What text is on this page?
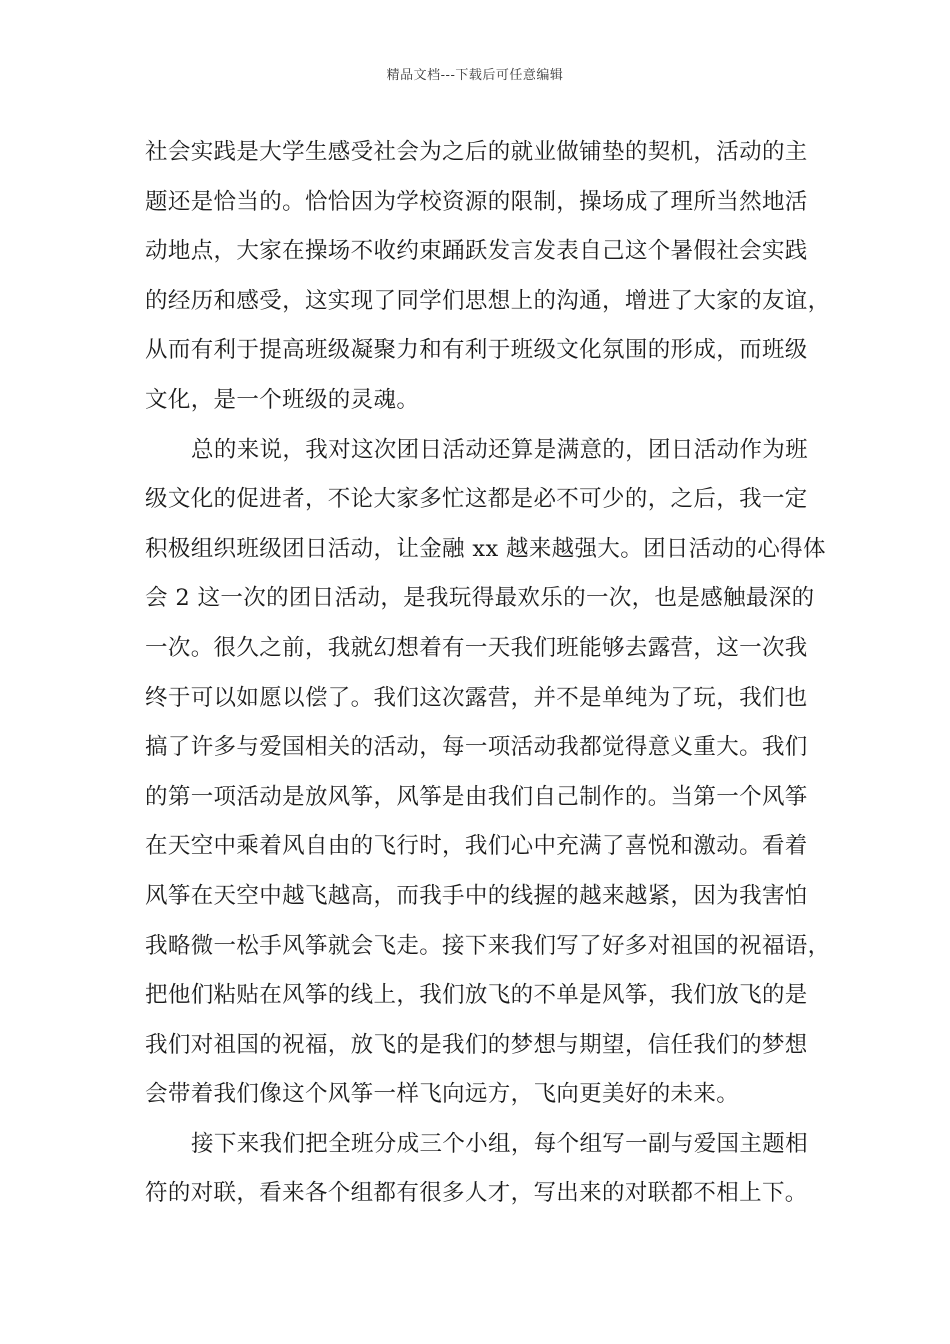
精品文档---下载后可任意编辑
社会实践是大学生感受社会为之后的就业做铺垫的契机，活动的主
题还是恰当的。恰恰因为学校资源的限制，操场成了理所当然地活
动地点，大家在操场不收约束踊跃发言发表自己这个暑假社会实践
的经历和感受，这实现了同学们思想上的沟通，增进了大家的友谊，
从而有利于提高班级凝聚力和有利于班级文化氛围的形成，而班级
文化，是一个班级的灵魂。
总的来说，我对这次团日活动还算是满意的，团日活动作为班
级文化的促进者，不论大家多忙这都是必不可少的，之后，我一定
积极组织班级团日活动，让金融 xx 越来越强大。团日活动的心得体
会 2 这一次的团日活动，是我玩得最欢乐的一次，也是感触最深的
一次。很久之前，我就幻想着有一天我们班能够去露营，这一次我
终于可以如愿以偿了。我们这次露营，并不是单纯为了玩，我们也
搞了许多与爱国相关的活动，每一项活动我都觉得意义重大。我们
的第一项活动是放风筝，风筝是由我们自己制作的。当第一个风筝
在天空中乘着风自由的飞行时，我们心中充满了喜悦和激动。看着
风筝在天空中越飞越高，而我手中的线握的越来越紧，因为我害怕
我略微一松手风筝就会飞走。接下来我们写了好多对祖国的祝福语，
把他们粘贴在风筝的线上，我们放飞的不单是风筝，我们放飞的是
我们对祖国的祝福，放飞的是我们的梦想与期望，信任我们的梦想
会带着我们像这个风筝一样飞向远方，飞向更美好的未来。
接下来我们把全班分成三个小组，每个组写一副与爱国主题相
符的对联，看来各个组都有很多人才，写出来的对联都不相上下。
